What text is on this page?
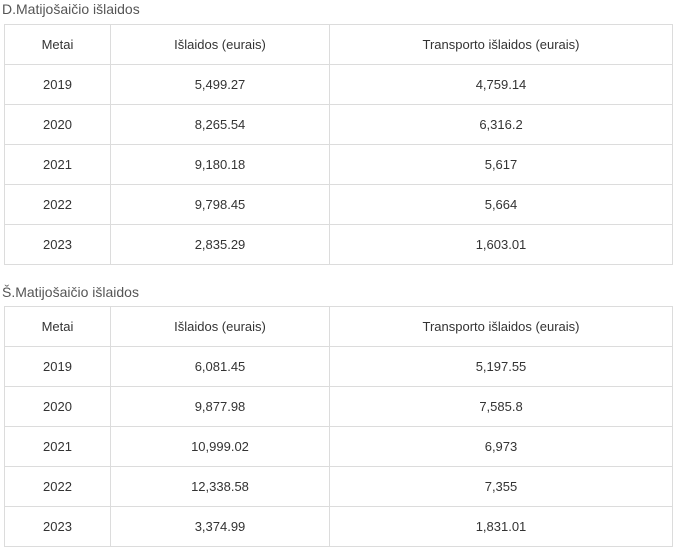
D.Matijošaičio išlaidos
Metai	Išlaidos (eurais)	Transporto išlaidos (eurais)
2019	5,499.27	4,759.14
2020	8,265.54	6,316.2
2021	9,180.18	5,617
2022	9,798.45	5,664
2023	2,835.29	1,603.01
Š.Matijošaičio išlaidos
Metai	Išlaidos (eurais)	Transporto išlaidos (eurais)
2019	6,081.45	5,197.55
2020	9,877.98	7,585.8
2021	10,999.02	6,973
2022	12,338.58	7,355
2023	3,374.99	1,831.01
